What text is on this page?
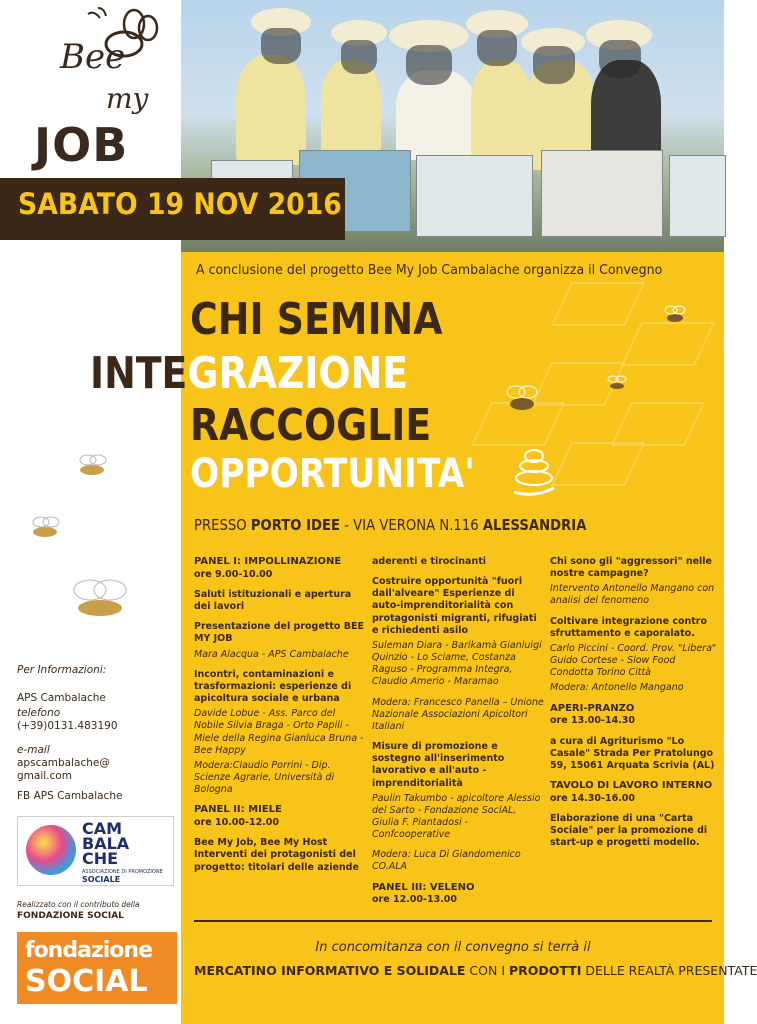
Bee
my
JOB
SABATO 19 NOV 2016
A conclusione del progetto Bee My Job Cambalache organizza il Convegno
CHI SEMINA
INTEGRAZIONE
RACCOGLIE
OPPORTUNITA'
PRESSO PORTO IDEE - VIA VERONA N.116 ALESSANDRIA

PANEL I: IMPOLLINAZIONE
ore 9.00-10.00

Saluti istituzionali e apertura dei lavori

Presentazione del progetto BEE MY JOB

Mara Alacqua - APS Cambalache

Incontri, contaminazioni e trasformazioni: esperienze di apicoltura sociale e urbana

Davide Lobue - Ass. Parco del Nobile Silvia Braga - Orto Papili - Miele della Regina Gianluca Bruna - Bee Happy

Modera:Claudio Porrini - Dip. Scienze Agrarie, Università di Bologna

PANEL II: MIELE
ore 10.00-12.00

Bee My Job, Bee My Host Interventi dei protagonisti del progetto: titolari delle aziende

aderenti e tirocinanti

Costruire opportunità "fuori dall'alveare" Esperienze di auto-imprenditorialità con protagonisti migranti, rifugiati e richiedenti asilo

Suleman Diara - Barikamà Gianluigi Quinzio - Lo Sciame, Costanza Raguso - Programma Integra, Claudio Amerio - Maramao

Modera: Francesco Panella – Unione Nazionale Associazioni Apicoltori Italiani

Misure di promozione e sostegno all'inserimento lavorativo e all'auto - imprenditorialità

Paulin Takumbo - apicoltore Alessio del Sarto - Fondazione SociAL, Giulia F. Piantadosi - Confcooperative

Modera: Luca Di Giandomenico CO.ALA

PANEL III: VELENO
ore 12.00-13.00

Chi sono gli "aggressori" nelle nostre campagne?

Intervento Antonello Mangano con analisi del fenomeno

Coltivare integrazione contro sfruttamento e caporalato.

Carlo Piccini - Coord. Prov. "Libera" Guido Cortese - Slow Food Condotta Torino Città

Modera: Antonello Mangano

APERI-PRANZO
ore 13.00-14.30

a cura di Agriturismo "Lo Casale" Strada Per Pratolungo 59, 15061 Arquata Scrivia (AL)

TAVOLO DI LAVORO INTERNO
ore 14.30-16.00

Elaborazione di una "Carta Sociale" per la promozione di start-up e progetti modello.

In concomitanza con il convegno si terrà il
MERCATINO INFORMATIVO E SOLIDALE CON I PRODOTTI DELLE REALTÀ PRESENTATE
Per Informazioni:
APS Cambalache
telefono
(+39)0131.483190
e-mail
apscambalache@ gmail.com
FB APS Cambalache
CAM
BALA
CHE
ASSOCIAZIONE DI PROMOZIONE
SOCIALE
Realizzato con il contributo della
FONDAZIONE SOCIAL
fondazione
SOCIAL
